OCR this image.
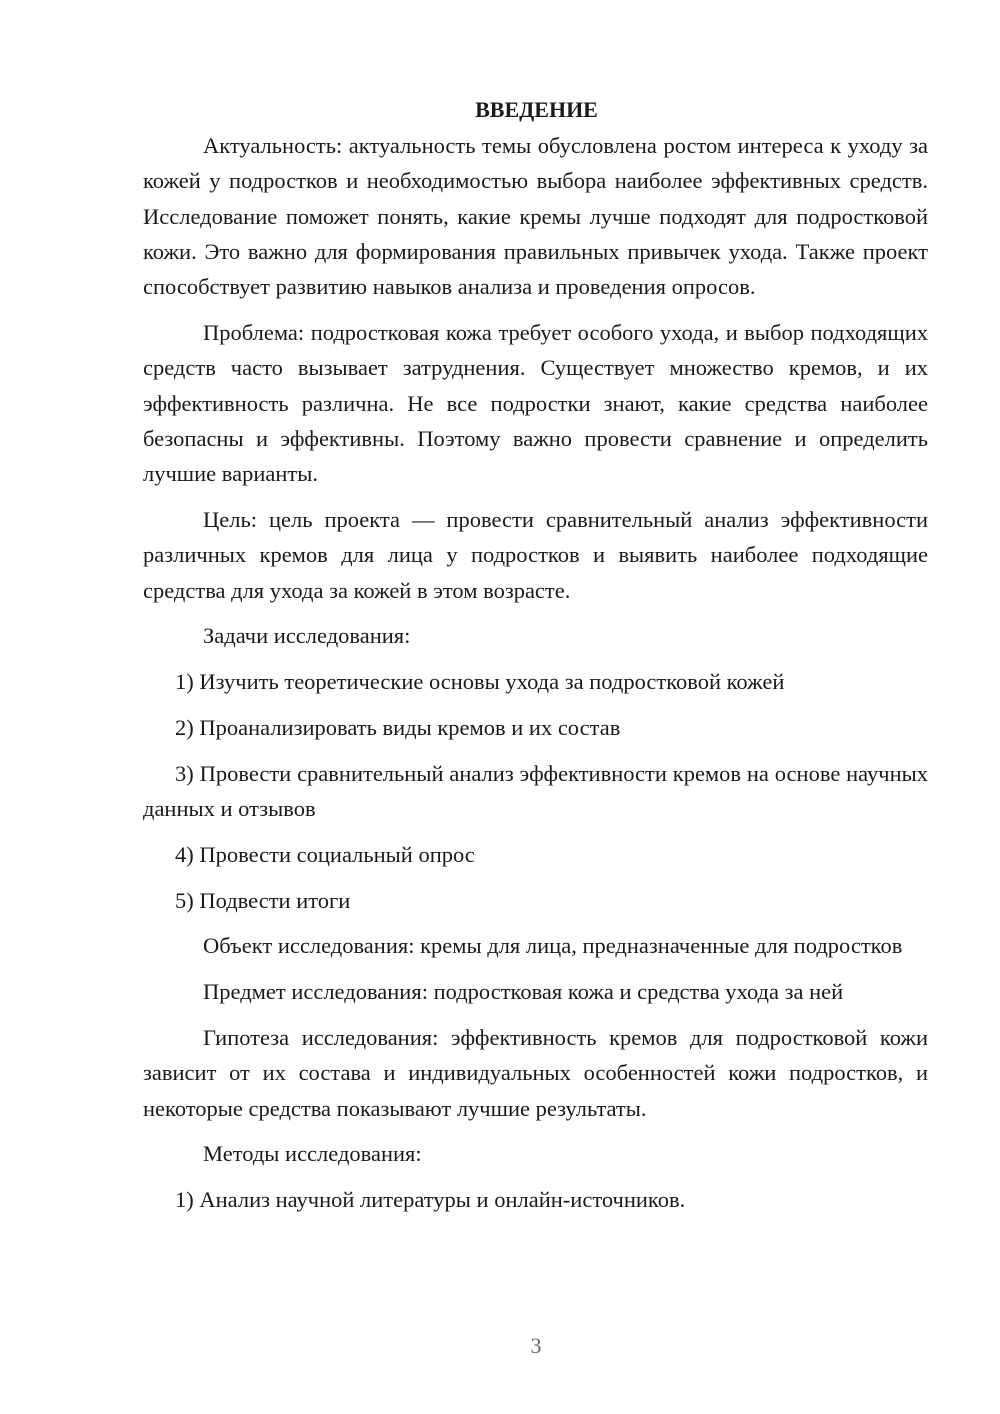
ВВЕДЕНИЕ

Актуальность: актуальность темы обусловлена ростом интереса к уходу за кожей у подростков и необходимостью выбора наиболее эффективных средств. Исследование поможет понять, какие кремы лучше подходят для подростковой кожи. Это важно для формирования правильных привычек ухода. Также проект способствует развитию навыков анализа и проведения опросов.

Проблема: подростковая кожа требует особого ухода, и выбор подходящих средств часто вызывает затруднения. Существует множество кремов, и их эффективность различна. Не все подростки знают, какие средства наиболее безопасны и эффективны. Поэтому важно провести сравнение и определить лучшие варианты.

Цель: цель проекта — провести сравнительный анализ эффективности различных кремов для лица у подростков и выявить наиболее подходящие средства для ухода за кожей в этом возрасте.

Задачи исследования:

1) Изучить теоретические основы ухода за подростковой кожей

2) Проанализировать виды кремов и их состав

3) Провести сравнительный анализ эффективности кремов на основе научных данных и отзывов

4) Провести социальный опрос

5) Подвести итоги

Объект исследования: кремы для лица, предназначенные для подростков

Предмет исследования: подростковая кожа и средства ухода за ней

Гипотеза исследования: эффективность кремов для подростковой кожи зависит от их состава и индивидуальных особенностей кожи подростков, и некоторые средства показывают лучшие результаты.

Методы исследования:

1) Анализ научной литературы и онлайн-источников.

3
